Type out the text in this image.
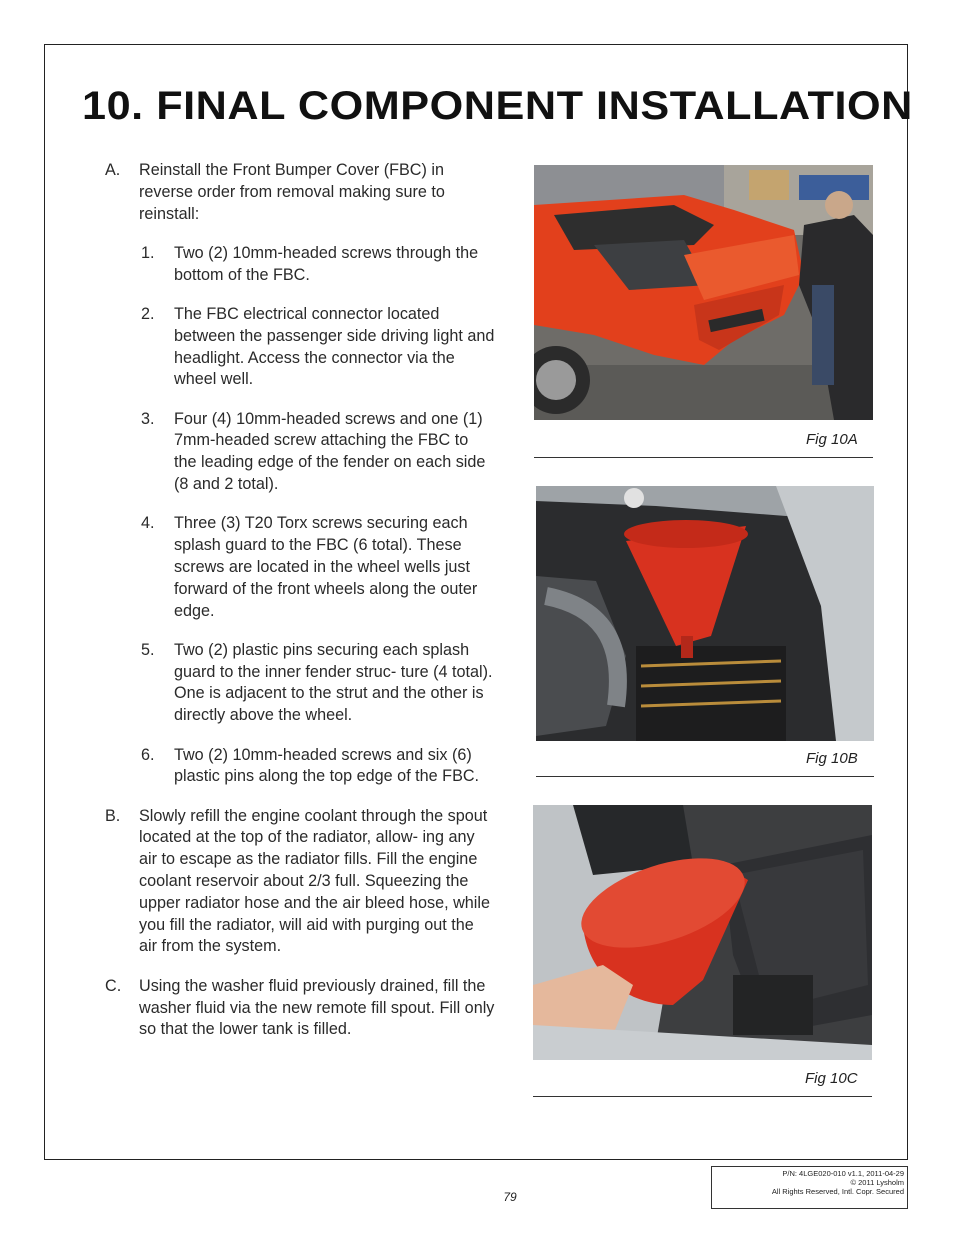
10. FINAL COMPONENT INSTALLATION
A. Reinstall the Front Bumper Cover (FBC) in reverse order from removal making sure to reinstall:
1. Two (2) 10mm-headed screws through the bottom of the FBC.
2. The FBC electrical connector located between the passenger side driving light and headlight. Access the connector via the wheel well.
3. Four (4) 10mm-headed screws and one (1) 7mm-headed screw attaching the FBC to the leading edge of the fender on each side (8 and 2 total).
4. Three (3) T20 Torx screws securing each splash guard to the FBC (6 total). These screws are located in the wheel wells just forward of the front wheels along the outer edge.
5. Two (2) plastic pins securing each splash guard to the inner fender struc- ture (4 total). One is adjacent to the strut and the other is directly above the wheel.
6. Two (2) 10mm-headed screws and six (6) plastic pins along the top edge of the FBC.
B. Slowly refill the engine coolant through the spout located at the top of the radiator, allow- ing any air to escape as the radiator fills. Fill the engine coolant reservoir about 2/3 full. Squeezing the upper radiator hose and the air bleed hose, while you fill the radiator, will aid with purging out the air from the system.
C. Using the washer fluid previously drained, fill the washer fluid via the new remote fill spout. Fill only so that the lower tank is filled.
Fig 10A
Fig 10B
Fig 10C
79
P/N: 4LGE020-010 v1.1, 2011-04-29
© 2011 Lysholm
All Rights Reserved, Intl. Copr. Secured
